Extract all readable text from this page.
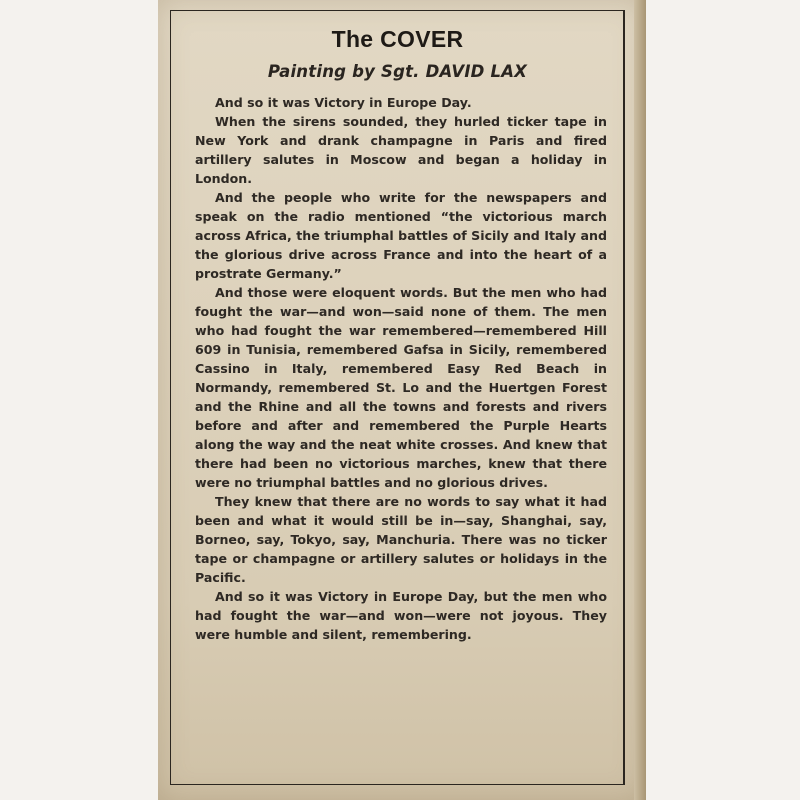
The COVER
Painting by Sgt. DAVID LAX

And so it was Victory in Europe Day.

When the sirens sounded, they hurled ticker tape in New York and drank champagne in Paris and fired artillery salutes in Moscow and began a holiday in London.

And the people who write for the newspapers and speak on the radio mentioned “the victorious march across Africa, the triumphal battles of Sicily and Italy and the glorious drive across France and into the heart of a prostrate Germany.”

And those were eloquent words. But the men who had fought the war—and won—said none of them. The men who had fought the war remembered—remembered Hill 609 in Tunisia, remembered Gafsa in Sicily, remembered Cassino in Italy, remembered Easy Red Beach in Normandy, remembered St. Lo and the Huertgen Forest and the Rhine and all the towns and forests and rivers before and after and remembered the Purple Hearts along the way and the neat white crosses. And knew that there had been no victorious marches, knew that there were no triumphal battles and no glorious drives.

They knew that there are no words to say what it had been and what it would still be in—say, Shanghai, say, Borneo, say, Tokyo, say, Manchuria. There was no ticker tape or champagne or artillery salutes or holidays in the Pacific.

And so it was Victory in Europe Day, but the men who had fought the war—and won—were not joyous. They were humble and silent, remembering.
